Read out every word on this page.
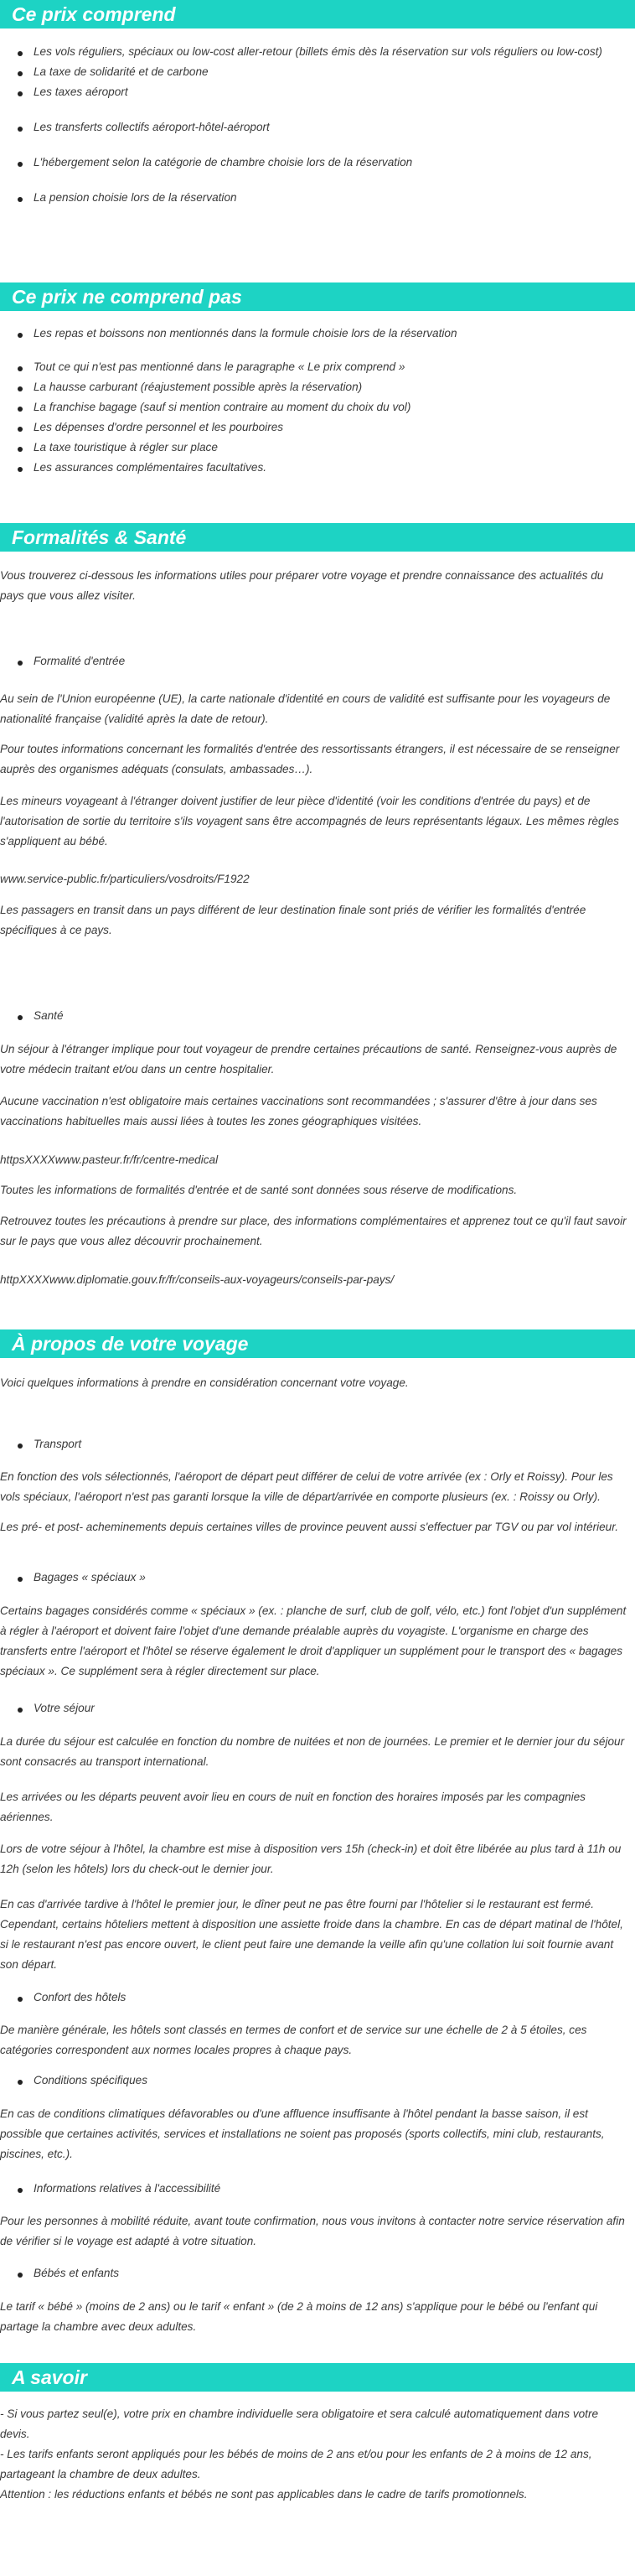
Ce prix comprend
Les vols réguliers, spéciaux ou low-cost aller-retour (billets émis dès la réservation sur vols réguliers ou low-cost)
La taxe de solidarité et de carbone
Les taxes aéroport
Les transferts collectifs aéroport-hôtel-aéroport
L'hébergement selon la catégorie de chambre choisie lors de la réservation
La pension choisie lors de la réservation
Ce prix ne comprend pas
Les repas et boissons non mentionnés dans la formule choisie lors de la réservation
Tout ce qui n'est pas mentionné dans le paragraphe « Le prix comprend »
La hausse carburant (réajustement possible après la réservation)
La franchise bagage (sauf si mention contraire au moment du choix du vol)
Les dépenses d'ordre personnel et les pourboires
La taxe touristique à régler sur place
Les assurances complémentaires facultatives.
Formalités & Santé

Vous trouverez ci-dessous les informations utiles pour préparer votre voyage et prendre connaissance des actualités du pays que vous allez visiter.

Formalité d'entrée

Au sein de l'Union européenne (UE), la carte nationale d'identité en cours de validité est suffisante pour les voyageurs de nationalité française (validité après la date de retour).

Pour toutes informations concernant les formalités d'entrée des ressortissants étrangers, il est nécessaire de se renseigner auprès des organismes adéquats (consulats, ambassades…).

Les mineurs voyageant à l'étranger doivent justifier de leur pièce d'identité (voir les conditions d'entrée du pays) et de l'autorisation de sortie du territoire s'ils voyagent sans être accompagnés de leurs représentants légaux. Les mêmes règles s'appliquent au bébé.

www.service-public.fr/particuliers/vosdroits/F1922

Les passagers en transit dans un pays différent de leur destination finale sont priés de vérifier les formalités d'entrée spécifiques à ce pays.

Santé

Un séjour à l'étranger implique pour tout voyageur de prendre certaines précautions de santé. Renseignez-vous auprès de votre médecin traitant et/ou dans un centre hospitalier.

Aucune vaccination n'est obligatoire mais certaines vaccinations sont recommandées ; s'assurer d'être à jour dans ses vaccinations habituelles mais aussi liées à toutes les zones géographiques visitées.

httpsXXXXwww.pasteur.fr/fr/centre-medical

Toutes les informations de formalités d'entrée et de santé sont données sous réserve de modifications.

Retrouvez toutes les précautions à prendre sur place, des informations complémentaires et apprenez tout ce qu'il faut savoir sur le pays que vous allez découvrir prochainement.

httpXXXXwww.diplomatie.gouv.fr/fr/conseils-aux-voyageurs/conseils-par-pays/

À propos de votre voyage

Voici quelques informations à prendre en considération concernant votre voyage.

Transport

En fonction des vols sélectionnés, l'aéroport de départ peut différer de celui de votre arrivée (ex : Orly et Roissy). Pour les vols spéciaux, l'aéroport n'est pas garanti lorsque la ville de départ/arrivée en comporte plusieurs (ex. : Roissy ou Orly).

Les pré- et post- acheminements depuis certaines villes de province peuvent aussi s'effectuer par TGV ou par vol intérieur.

Bagages « spéciaux »

Certains bagages considérés comme « spéciaux » (ex. : planche de surf, club de golf, vélo, etc.) font l'objet d'un supplément à régler à l'aéroport et doivent faire l'objet d'une demande préalable auprès du voyagiste. L'organisme en charge des transferts entre l'aéroport et l'hôtel se réserve également le droit d'appliquer un supplément pour le transport des « bagages spéciaux ». Ce supplément sera à régler directement sur place.

Votre séjour

La durée du séjour est calculée en fonction du nombre de nuitées et non de journées. Le premier et le dernier jour du séjour sont consacrés au transport international.

Les arrivées ou les départs peuvent avoir lieu en cours de nuit en fonction des horaires imposés par les compagnies aériennes.

Lors de votre séjour à l'hôtel, la chambre est mise à disposition vers 15h (check-in) et doit être libérée au plus tard à 11h ou 12h (selon les hôtels) lors du check-out le dernier jour.

En cas d'arrivée tardive à l'hôtel le premier jour, le dîner peut ne pas être fourni par l'hôtelier si le restaurant est fermé. Cependant, certains hôteliers mettent à disposition une assiette froide dans la chambre. En cas de départ matinal de l'hôtel, si le restaurant n'est pas encore ouvert, le client peut faire une demande la veille afin qu'une collation lui soit fournie avant son départ.

Confort des hôtels

De manière générale, les hôtels sont classés en termes de confort et de service sur une échelle de 2 à 5 étoiles, ces catégories correspondent aux normes locales propres à chaque pays.

Conditions spécifiques

En cas de conditions climatiques défavorables ou d'une affluence insuffisante à l'hôtel pendant la basse saison, il est possible que certaines activités, services et installations ne soient pas proposés (sports collectifs, mini club, restaurants, piscines, etc.).

Informations relatives à l'accessibilité

Pour les personnes à mobilité réduite, avant toute confirmation, nous vous invitons à contacter notre service réservation afin de vérifier si le voyage est adapté à votre situation.

Bébés et enfants

Le tarif « bébé » (moins de 2 ans) ou le tarif « enfant » (de 2 à moins de 12 ans) s'applique pour le bébé ou l'enfant qui partage la chambre avec deux adultes.

A savoir

- Si vous partez seul(e), votre prix en chambre individuelle sera obligatoire et sera calculé automatiquement dans votre devis.

- Les tarifs enfants seront appliqués pour les bébés de moins de 2 ans et/ou pour les enfants de 2 à moins de 12 ans, partageant la chambre de deux adultes.

Attention : les réductions enfants et bébés ne sont pas applicables dans le cadre de tarifs promotionnels.
